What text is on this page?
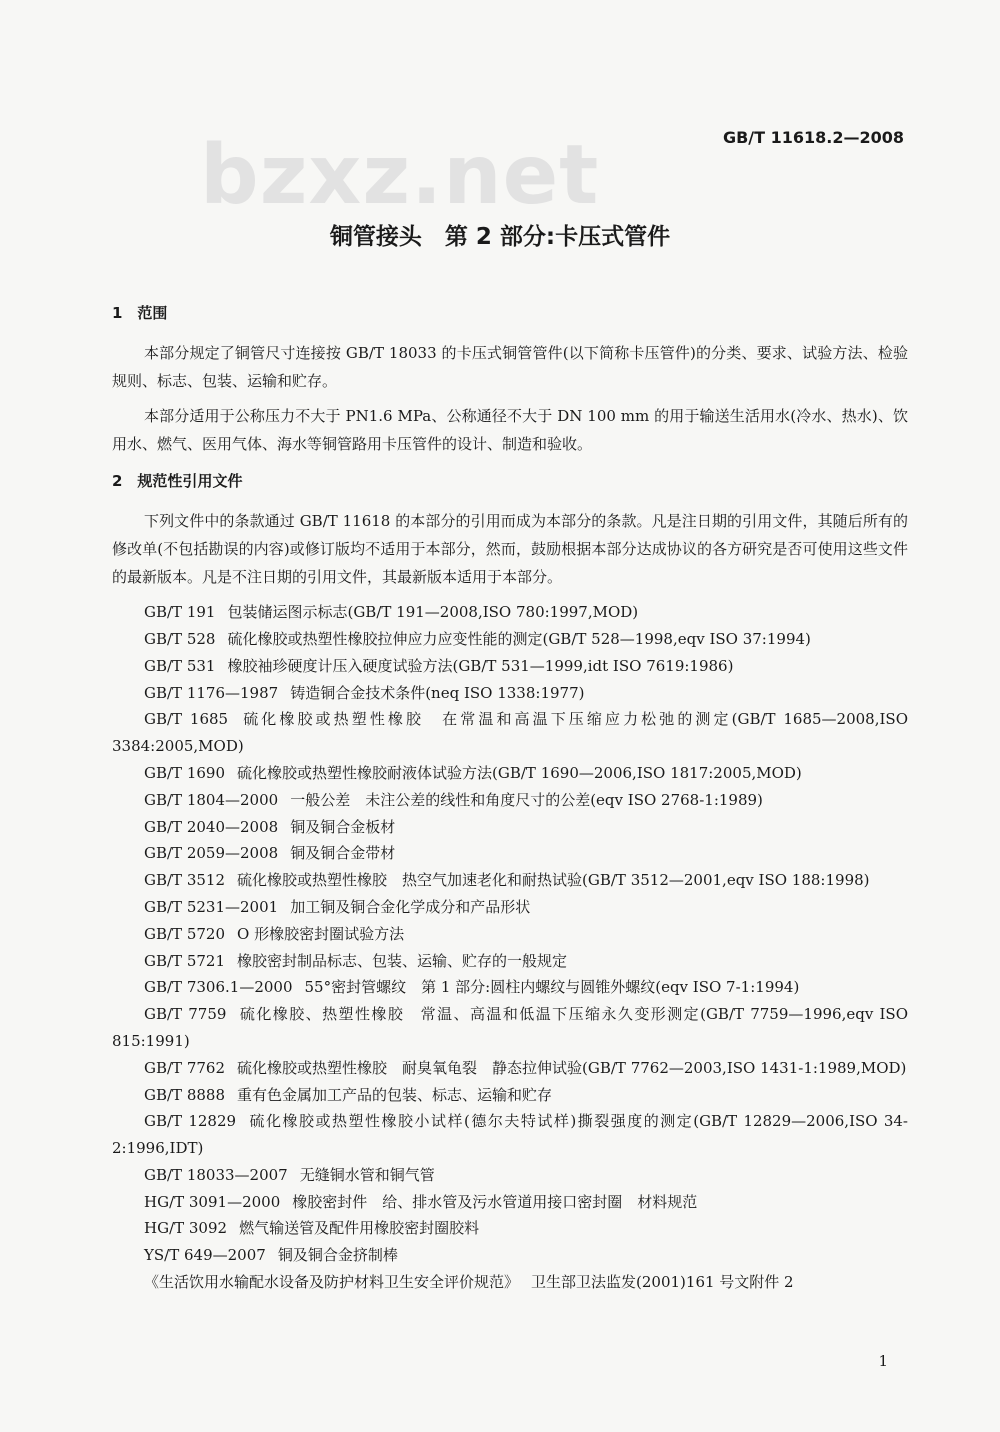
bzxz.net	GB/T 11618.2—2008
铜管接头　第 2 部分:卡压式管件
1　范围

本部分规定了铜管尺寸连接按 GB/T 18033 的卡压式铜管管件(以下简称卡压管件)的分类、要求、试验方法、检验规则、标志、包装、运输和贮存。

本部分适用于公称压力不大于 PN1.6 MPa、公称通径不大于 DN 100 mm 的用于输送生活用水(冷水、热水)、饮用水、燃气、医用气体、海水等铜管路用卡压管件的设计、制造和验收。

2　规范性引用文件

下列文件中的条款通过 GB/T 11618 的本部分的引用而成为本部分的条款。凡是注日期的引用文件，其随后所有的修改单(不包括勘误的内容)或修订版均不适用于本部分，然而，鼓励根据本部分达成协议的各方研究是否可使用这些文件的最新版本。凡是不注日期的引用文件，其最新版本适用于本部分。

GB/T 191 包装储运图示标志(GB/T 191—2008,ISO 780:1997,MOD)

GB/T 528 硫化橡胶或热塑性橡胶拉伸应力应变性能的测定(GB/T 528—1998,eqv ISO 37:1994)

GB/T 531 橡胶袖珍硬度计压入硬度试验方法(GB/T 531—1999,idt ISO 7619:1986)

GB/T 1176—1987 铸造铜合金技术条件(neq ISO 1338:1977)

GB/T 1685 硫化橡胶或热塑性橡胶　在常温和高温下压缩应力松弛的测定(GB/T 1685—2008,ISO 3384:2005,MOD)

GB/T 1690 硫化橡胶或热塑性橡胶耐液体试验方法(GB/T 1690—2006,ISO 1817:2005,MOD)

GB/T 1804—2000 一般公差　未注公差的线性和角度尺寸的公差(eqv ISO 2768-1:1989)

GB/T 2040—2008 铜及铜合金板材

GB/T 2059—2008 铜及铜合金带材

GB/T 3512 硫化橡胶或热塑性橡胶　热空气加速老化和耐热试验(GB/T 3512—2001,eqv ISO 188:1998)

GB/T 5231—2001 加工铜及铜合金化学成分和产品形状

GB/T 5720 O 形橡胶密封圈试验方法

GB/T 5721 橡胶密封制品标志、包装、运输、贮存的一般规定

GB/T 7306.1—2000 55°密封管螺纹　第 1 部分:圆柱内螺纹与圆锥外螺纹(eqv ISO 7-1:1994)

GB/T 7759 硫化橡胶、热塑性橡胶　常温、高温和低温下压缩永久变形测定(GB/T 7759—1996,eqv ISO 815:1991)

GB/T 7762 硫化橡胶或热塑性橡胶　耐臭氧龟裂　静态拉伸试验(GB/T 7762—2003,ISO 1431-1:1989,MOD)

GB/T 8888 重有色金属加工产品的包装、标志、运输和贮存

GB/T 12829 硫化橡胶或热塑性橡胶小试样(德尔夫特试样)撕裂强度的测定(GB/T 12829—2006,ISO 34-2:1996,IDT)

GB/T 18033—2007 无缝铜水管和铜气管

HG/T 3091—2000 橡胶密封件　给、排水管及污水管道用接口密封圈　材料规范

HG/T 3092 燃气输送管及配件用橡胶密封圈胶料

YS/T 649—2007 铜及铜合金挤制棒

《生活饮用水输配水设备及防护材料卫生安全评价规范》 卫生部卫法监发(2001)161 号文附件 2

1
